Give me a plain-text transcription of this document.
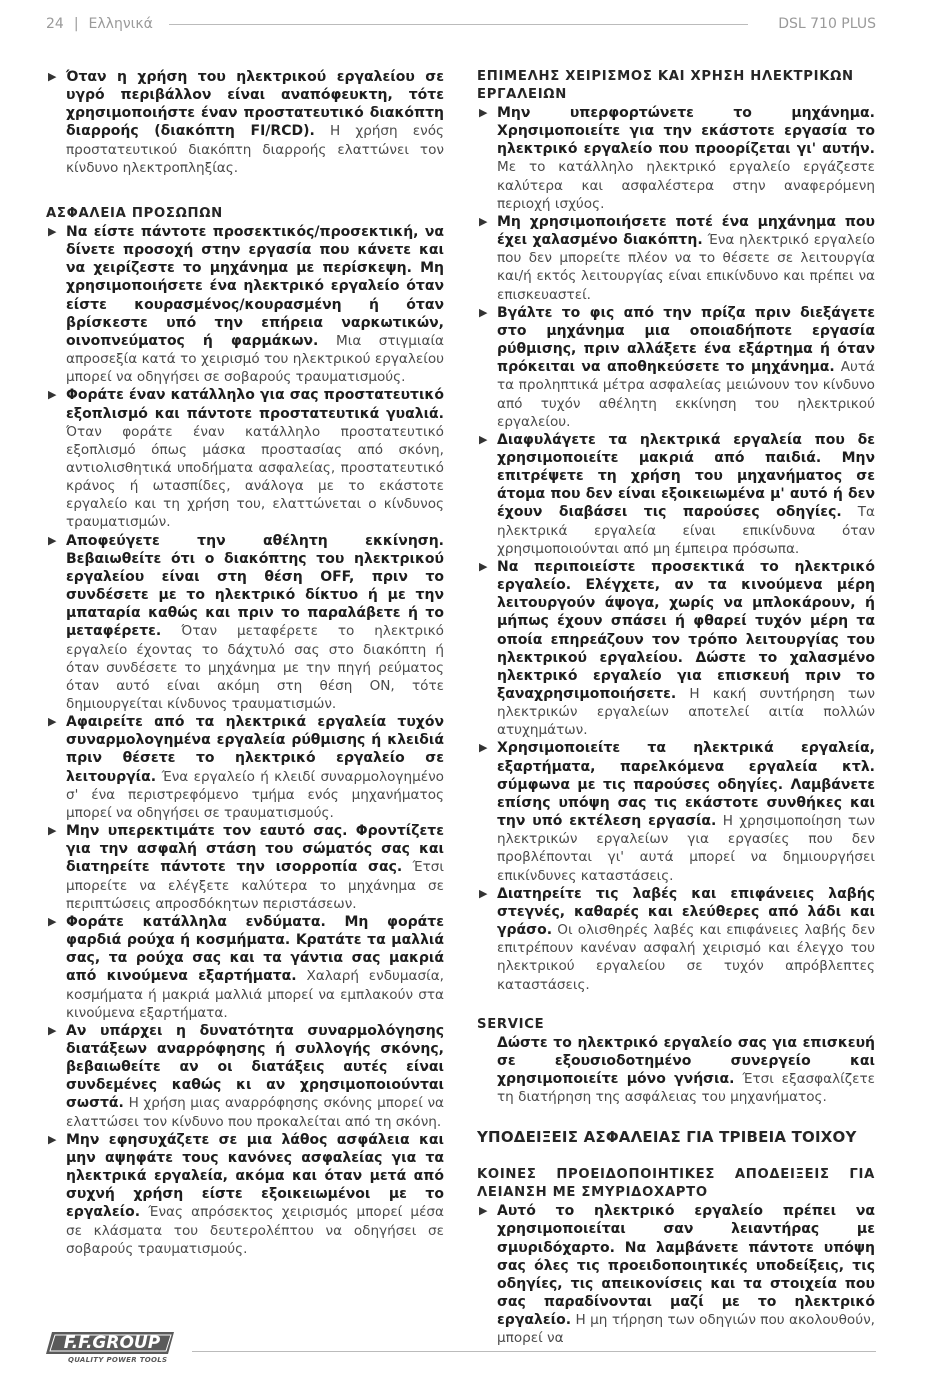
24 | Ελληνικά	DSL 710 PLUS
▶ Όταν η χρήση του ηλεκτρικού εργαλείου σε υγρό περιβάλλον είναι αναπόφευκτη, τότε χρησιμοποιήστε έναν προστατευτικό διακόπτη διαρροής (διακόπτη FI/RCD). Η χρήση ενός προστατευτικού διακόπτη διαρροής ελαττώνει τον κίνδυνο ηλεκτροπληξίας.
ΑΣΦΑΛΕΙΑ ΠΡΟΣΩΠΩΝ
▶ Να είστε πάντοτε προσεκτικός/προσεκτική, να δίνετε προσοχή στην εργασία που κάνετε και να χειρίζεστε το μηχάνημα με περίσκεψη. Μη χρησιμοποιήσετε ένα ηλεκτρικό εργαλείο όταν είστε κουρασμένος/κουρασμένη ή όταν βρίσκεστε υπό την επήρεια ναρκωτικών, οινοπνεύματος ή φαρμάκων. Μια στιγμιαία απροσεξία κατά το χειρισμό του ηλεκτρικού εργαλείου μπορεί να οδηγήσει σε σοβαρούς τραυματισμούς.
▶ Φοράτε έναν κατάλληλο για σας προστατευτικό εξοπλισμό και πάντοτε προστατευτικά γυαλιά. Όταν φοράτε έναν κατάλληλο προστατευτικό εξοπλισμό όπως μάσκα προστασίας από σκόνη, αντιολισθητικά υποδήματα ασφαλείας, προστατευτικό κράνος ή ωτασπίδες, ανάλογα με το εκάστοτε εργαλείο και τη χρήση του, ελαττώνεται ο κίνδυνος τραυματισμών.
▶ Αποφεύγετε την αθέλητη εκκίνηση. Βεβαιωθείτε ότι ο διακόπτης του ηλεκτρικού εργαλείου είναι στη θέση OFF, πριν το συνδέσετε με το ηλεκτρικό δίκτυο ή με την μπαταρία καθώς και πριν το παραλάβετε ή το μεταφέρετε. Όταν μεταφέρετε το ηλεκτρικό εργαλείο έχοντας το δάχτυλό σας στο διακόπτη ή όταν συνδέσετε το μηχάνημα με την πηγή ρεύματος όταν αυτό είναι ακόμη στη θέση ON, τότε δημιουργείται κίνδυνος τραυματισμών.
▶ Αφαιρείτε από τα ηλεκτρικά εργαλεία τυχόν συναρμολογημένα εργαλεία ρύθμισης ή κλειδιά πριν θέσετε το ηλεκτρικό εργαλείο σε λειτουργία. Ένα εργαλείο ή κλειδί συναρμολογημένο σ' ένα περιστρεφόμενο τμήμα ενός μηχανήματος μπορεί να οδηγήσει σε τραυματισμούς.
▶ Μην υπερεκτιμάτε τον εαυτό σας. Φροντίζετε για την ασφαλή στάση του σώματός σας και διατηρείτε πάντοτε την ισορροπία σας. Έτσι μπορείτε να ελέγξετε καλύτερα το μηχάνημα σε περιπτώσεις απροσδόκητων περιστάσεων.
▶ Φοράτε κατάλληλα ενδύματα. Μη φοράτε φαρδιά ρούχα ή κοσμήματα. Κρατάτε τα μαλλιά σας, τα ρούχα σας και τα γάντια σας μακριά από κινούμενα εξαρτήματα. Χαλαρή ενδυμασία, κοσμήματα ή μακριά μαλλιά μπορεί να εμπλακούν στα κινούμενα εξαρτήματα.
▶ Αν υπάρχει η δυνατότητα συναρμολόγησης διατάξεων αναρρόφησης ή συλλογής σκόνης, βεβαιωθείτε αν οι διατάξεις αυτές είναι συνδεμένες καθώς κι αν χρησιμοποιούνται σωστά. Η χρήση μιας αναρρόφησης σκόνης μπορεί να ελαττώσει τον κίνδυνο που προκαλείται από τη σκόνη.
▶ Μην εφησυχάζετε σε μια λάθος ασφάλεια και μην αψηφάτε τους κανόνες ασφαλείας για τα ηλεκτρικά εργαλεία, ακόμα και όταν μετά από συχνή χρήση είστε εξοικειωμένοι με το εργαλείο. Ένας απρόσεκτος χειρισμός μπορεί μέσα σε κλάσματα του δευτερολέπτου να οδηγήσει σε σοβαρούς τραυματισμούς.
ΕΠΙΜΕΛΗΣ ΧΕΙΡΙΣΜΟΣ ΚΑΙ ΧΡΗΣΗ ΗΛΕΚΤΡΙΚΩΝ ΕΡΓΑΛΕΙΩΝ
▶ Μην υπερφορτώνετε το μηχάνημα. Χρησιμοποιείτε για την εκάστοτε εργασία το ηλεκτρικό εργαλείο που προορίζεται γι' αυτήν. Με το κατάλληλο ηλεκτρικό εργαλείο εργάζεστε καλύτερα και ασφαλέστερα στην αναφερόμενη περιοχή ισχύος.
▶ Μη χρησιμοποιήσετε ποτέ ένα μηχάνημα που έχει χαλασμένο διακόπτη. Ένα ηλεκτρικό εργαλείο που δεν μπορείτε πλέον να το θέσετε σε λειτουργία και/ή εκτός λειτουργίας είναι επικίνδυνο και πρέπει να επισκευαστεί.
▶ Βγάλτε το φις από την πρίζα πριν διεξάγετε στο μηχάνημα μια οποιαδήποτε εργασία ρύθμισης, πριν αλλάξετε ένα εξάρτημα ή όταν πρόκειται να αποθηκεύσετε το μηχάνημα. Αυτά τα προληπτικά μέτρα ασφαλείας μειώνουν τον κίνδυνο από τυχόν αθέλητη εκκίνηση του ηλεκτρικού εργαλείου.
▶ Διαφυλάγετε τα ηλεκτρικά εργαλεία που δε χρησιμοποιείτε μακριά από παιδιά. Μην επιτρέψετε τη χρήση του μηχανήματος σε άτομα που δεν είναι εξοικειωμένα μ' αυτό ή δεν έχουν διαβάσει τις παρούσες οδηγίες. Τα ηλεκτρικά εργαλεία είναι επικίνδυνα όταν χρησιμοποιούνται από μη έμπειρα πρόσωπα.
▶ Να περιποιείστε προσεκτικά το ηλεκτρικό εργαλείο. Ελέγχετε, αν τα κινούμενα μέρη λειτουργούν άψογα, χωρίς να μπλοκάρουν, ή μήπως έχουν σπάσει ή φθαρεί τυχόν μέρη τα οποία επηρεάζουν τον τρόπο λειτουργίας του ηλεκτρικού εργαλείου. Δώστε το χαλασμένο ηλεκτρικό εργαλείο για επισκευή πριν το ξαναχρησιμοποιήσετε. Η κακή συντήρηση των ηλεκτρικών εργαλείων αποτελεί αιτία πολλών ατυχημάτων.
▶ Χρησιμοποιείτε τα ηλεκτρικά εργαλεία, εξαρτήματα, παρελκόμενα εργαλεία κτλ. σύμφωνα με τις παρούσες οδηγίες. Λαμβάνετε επίσης υπόψη σας τις εκάστοτε συνθήκες και την υπό εκτέλεση εργασία. Η χρησιμοποίηση των ηλεκτρικών εργαλείων για εργασίες που δεν προβλέπονται γι' αυτά μπορεί να δημιουργήσει επικίνδυνες καταστάσεις.
▶ Διατηρείτε τις λαβές και επιφάνειες λαβής στεγνές, καθαρές και ελεύθερες από λάδι και γράσο. Οι ολισθηρές λαβές και επιφάνειες λαβής δεν επιτρέπουν κανέναν ασφαλή χειρισμό και έλεγχο του ηλεκτρικού εργαλείου σε τυχόν απρόβλεπτες καταστάσεις.
SERVICE
Δώστε το ηλεκτρικό εργαλείο σας για επισκευή σε εξουσιοδοτημένο συνεργείο και χρησιμοποιείτε μόνο γνήσια. Έτσι εξασφαλίζετε τη διατήρηση της ασφάλειας του μηχανήματος.
ΥΠΟΔΕΙΞΕΙΣ ΑΣΦΑΛΕΙΑΣ ΓΙΑ ΤΡΙΒΕΙΑ ΤΟΙΧΟΥ
ΚΟΙΝΕΣ ΠΡΟΕΙΔΟΠΟΙΗΤΙΚΕΣ ΑΠΟΔΕΙΞΕΙΣ ΓΙΑ ΛΕΙΑΝΣΗ ΜΕ ΣΜΥΡΙΔΟΧΑΡΤΟ
▶ Αυτό το ηλεκτρικό εργαλείο πρέπει να χρησιμοποιείται σαν λειαντήρας με σμυριδόχαρτο. Να λαμβάνετε πάντοτε υπόψη σας όλες τις προειδοποιητικές υποδείξεις, τις οδηγίες, τις απεικονίσεις και τα στοιχεία που σας παραδίνονται μαζί με το ηλεκτρικό εργαλείο. Η μη τήρηση των οδηγιών που ακολουθούν, μπορεί να
F.F.GROUP
QUALITY POWER TOOLS
